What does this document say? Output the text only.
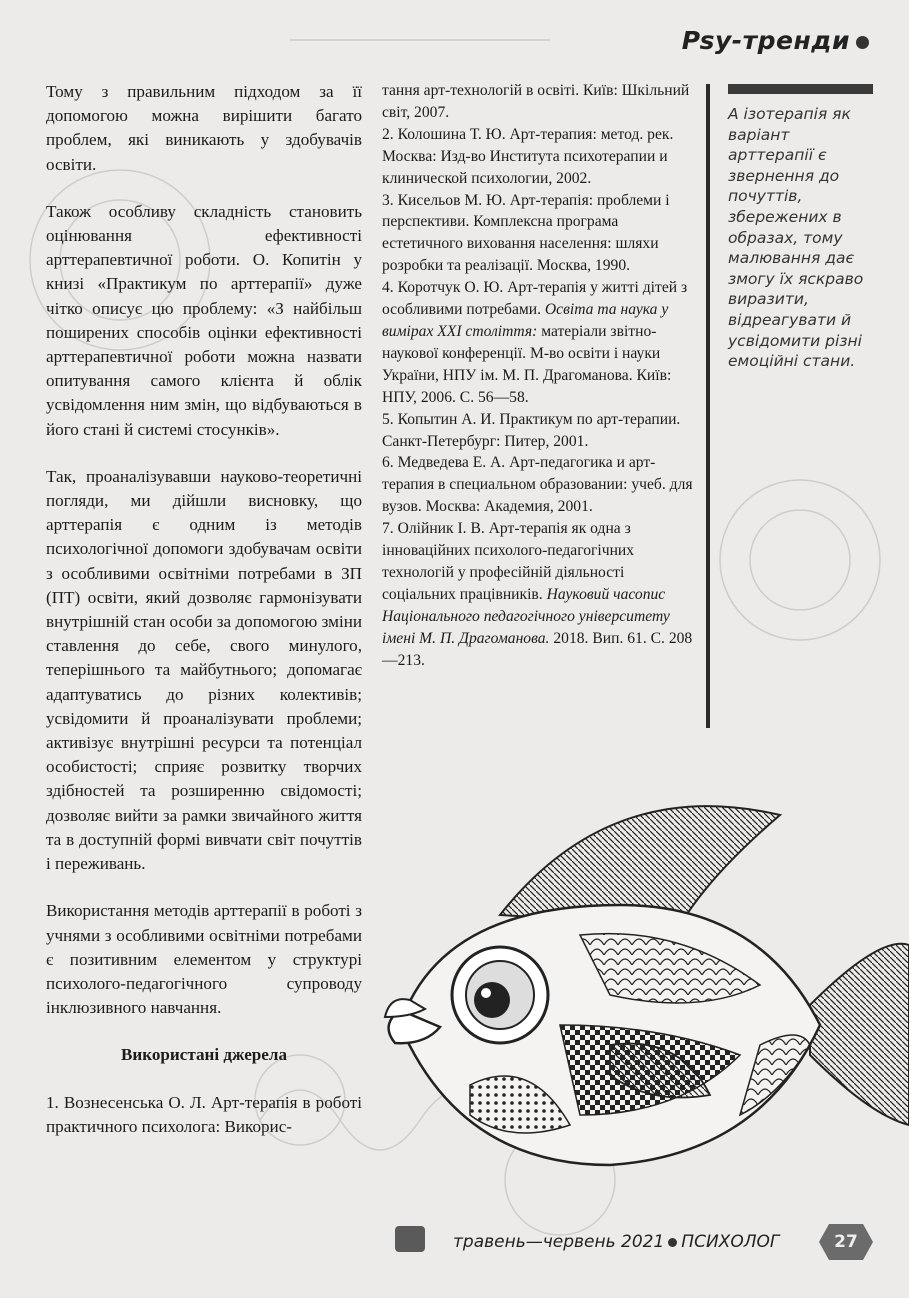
Psy-тренди

Тому з правильним підходом за її допомогою можна вирішити багато проблем, які виникають у здобувачів освіти.

Також особливу складність становить оцінювання ефективності арттерапевтичної роботи. О. Копитін у книзі «Практикум по арттерапії» дуже чітко описує цю проблему: «З найбільш поширених способів оцінки ефективності арттерапевтичної роботи можна назвати опитування самого клієнта й облік усвідомлення ним змін, що відбуваються в його стані й системі стосунків».

Так, проаналізувавши науково-теоретичні погляди, ми дійшли висновку, що арттерапія є одним із методів психологічної допомоги здобувачам освіти з особливими освітніми потребами в ЗП (ПТ) освіти, який дозволяє гармонізувати внутрішній стан особи за допомогою зміни ставлення до себе, свого минулого, теперішнього та майбутнього; допомагає адаптуватись до різних колективів; усвідомити й проаналізувати проблеми; активізує внутрішні ресурси та потенціал особистості; сприяє розвитку творчих здібностей та розширенню свідомості; дозволяє вийти за рамки звичайного життя та в доступній формі вивчати світ почуттів і переживань.

Використання методів арттерапії в роботі з учнями з особливими освітніми потребами є позитивним елементом у структурі психолого-педагогічного супроводу інклюзивного навчання.

Використані джерела

1. Вознесенська О. Л. Арт-терапія в роботі практичного психолога: Викорис-

тання арт-технологій в освіті. Київ: Шкільний світ, 2007.

2. Колошина Т. Ю. Арт-терапия: метод. рек. Москва: Изд-во Института психотерапии и клинической психологии, 2002.

3. Кисельов М. Ю. Арт-терапія: проблеми і перспективи. Комплексна програма естетичного виховання населення: шляхи розробки та реалізації. Москва, 1990.

4. Коротчук О. Ю. Арт-терапія у житті дітей з особливими потребами. Освіта та наука у вимірах XXI століття: матеріали звітно-наукової конференції. М-во освіти і науки України, НПУ ім. М. П. Драгоманова. Київ: НПУ, 2006. С. 56—58.

5. Копытин А. И. Практикум по арт-терапии. Санкт-Петербург: Питер, 2001.

6. Медведева Е. А. Арт-педагогика и арт-терапия в специальном образовании: учеб. для вузов. Москва: Академия, 2001.

7. Олійник І. В. Арт-терапія як одна з інноваційних психолого-педагогічних технологій у професійній діяльності соціальних працівників. Науковий часопис Національного педагогічного університету імені М. П. Драгоманова. 2018. Вип. 61. С. 208—213.

А ізотерапія як варіант арттерапії є звернення до почуттів, збережених в образах, тому малювання дає змогу їх яскраво виразити, відреагувати й усвідомити різні емоційні стани.
травень—червень 2021 ПСИХОЛОГ	27
